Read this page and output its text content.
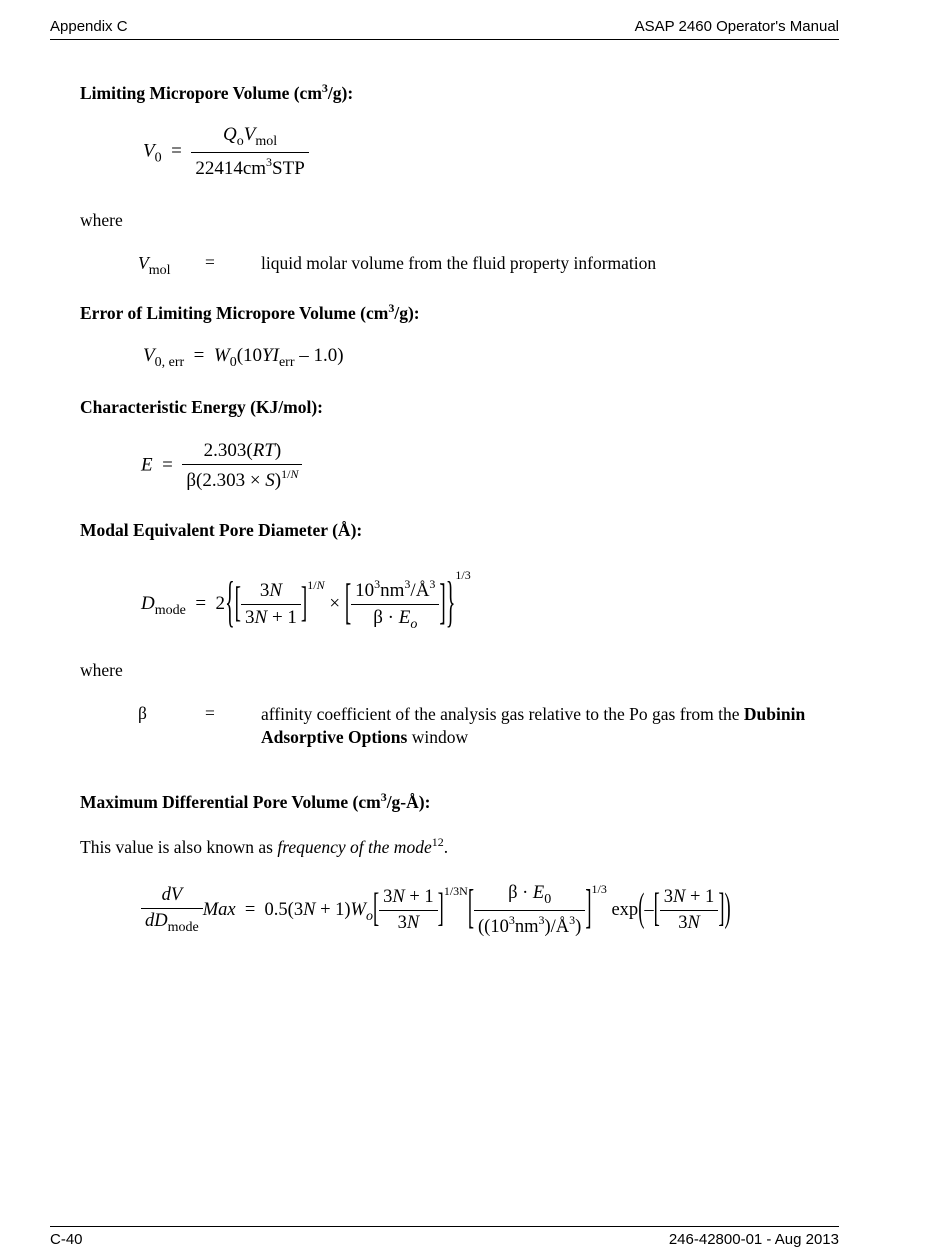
Appendix C	ASAP 2460 Operator's Manual
Limiting Micropore Volume $(cm^3/g)$:
$V_0 = \frac{Q_oV_{mol}}{22414cm^3STP}$
where
$V_{mol}$ =	liquid molar volume from the fluid property information
Error of Limiting Micropore Volume $(cm^3/g)$:
$V_{0, err} = W_0(10YI_{err} - 1.0)$
Characteristic Energy (KJ/mol):
$E = \frac{2.303(RT)}{\beta(2.303 \times S)^{1/N}}$
Modal Equivalent Pore Diameter (Å):
$D_{mode} = 2\{[ \frac{3N}{3N + 1} ]^{1/N}$ × [ $\frac{10^3nm^3/Å^3}{\beta \cdot E_o} ]\}^{1/3}$
where
β	=	affinity coefficient of the analysis gas relative to the Po gas from the Dubinin Adsorptive Options window
Maximum Differential Pore Volume $(cm^3/g-Å)$:
This value is also known as frequency of the mode$^{12}$.
$\frac{dV}{dD_{mode}}$ Max  =  $0.5(3N + 1)W_o[ \frac{3N + 1}{3N} ]^{1/3N}[ \frac{\beta \cdot E_0}{((10^3nm^3)/Å^3)} ]^{1/3}$ $\exp(-[ \frac{3N + 1}{3N}$ ])
C-40	246-42800-01 - Aug 2013
